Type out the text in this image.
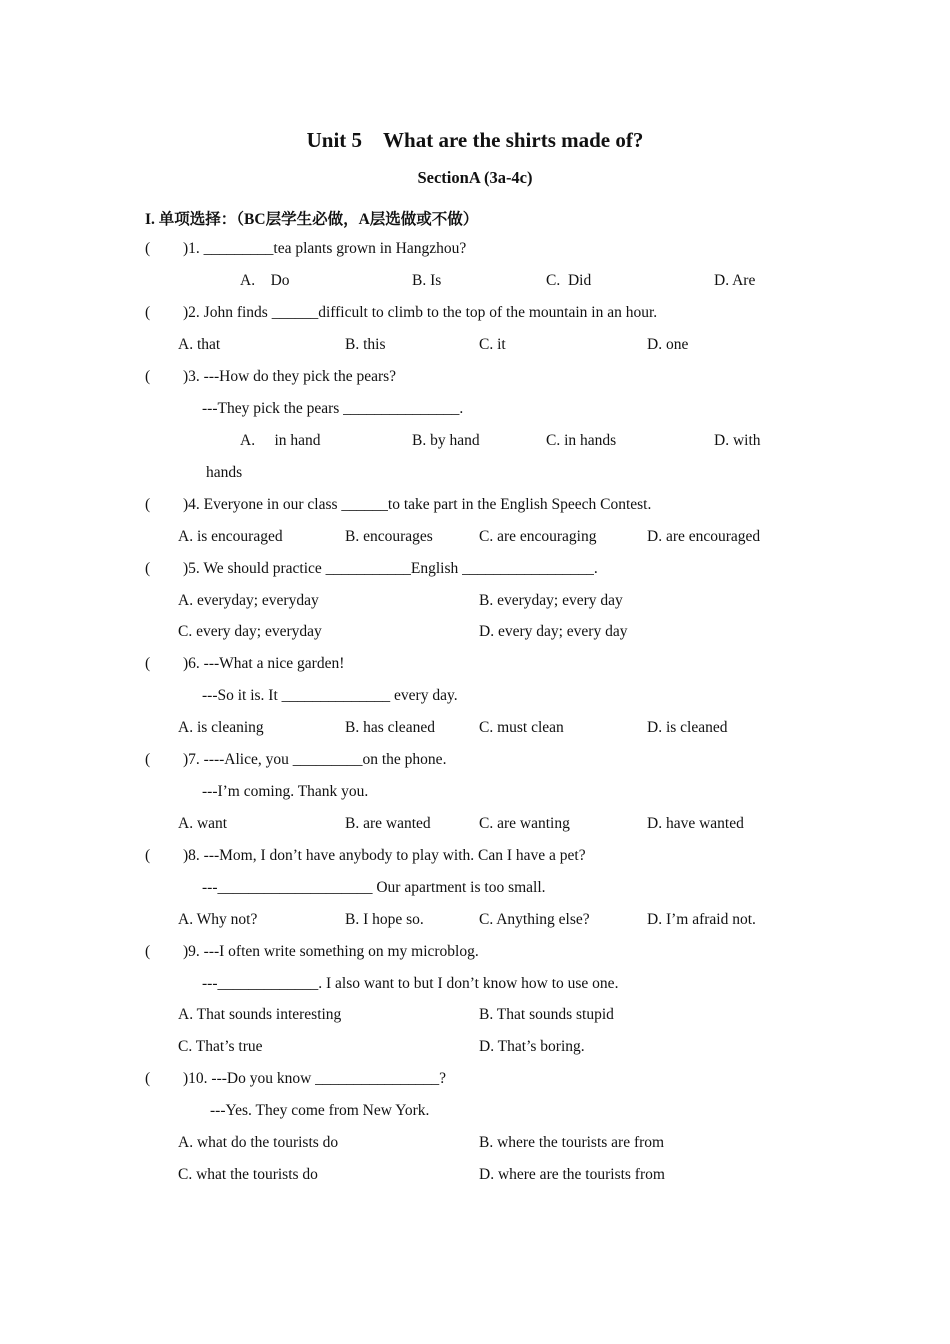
Unit 5    What are the shirts made of?
SectionA (3a-4c)
I. 单项选择：（BC层学生必做，A层选做或不做）
( )1. _________tea plants grown in Hangzhou?
A.    Do	B. Is	C.  Did	D. Are
( )2. John finds ______difficult to climb to the top of the mountain in an hour.
A. that	B. this	C. it	D. one
( )3. ---How do they pick the pears?
---They pick the pears _______________.
A.     in hand	B. by hand	C. in hands	D. with
hands
( )4. Everyone in our class ______to take part in the English Speech Contest.
A. is encouraged	B. encourages	C. are encouraging	D. are encouraged
( )5. We should practice ___________English _________________.
A. everyday; everyday	B. everyday; every day
C. every day; everyday	D. every day; every day
( )6. ---What a nice garden!
---So it is. It ______________ every day.
A. is cleaning	B. has cleaned	C. must clean	D. is cleaned
( )7. ----Alice, you _________on the phone.
---I’m coming. Thank you.
A. want	B. are wanted	C. are wanting	D. have wanted
( )8. ---Mom, I don’t have anybody to play with. Can I have a pet?
---____________________ Our apartment is too small.
A. Why not?	B. I hope so.	C. Anything else?	D. I’m afraid not.
( )9. ---I often write something on my microblog.
---_____________. I also want to but I don’t know how to use one.
A. That sounds interesting	B. That sounds stupid
C. That’s true	D. That’s boring.
( )10. ---Do you know ________________?
---Yes. They come from New York.
A. what do the tourists do	B. where the tourists are from
C. what the tourists do	D. where are the tourists from
